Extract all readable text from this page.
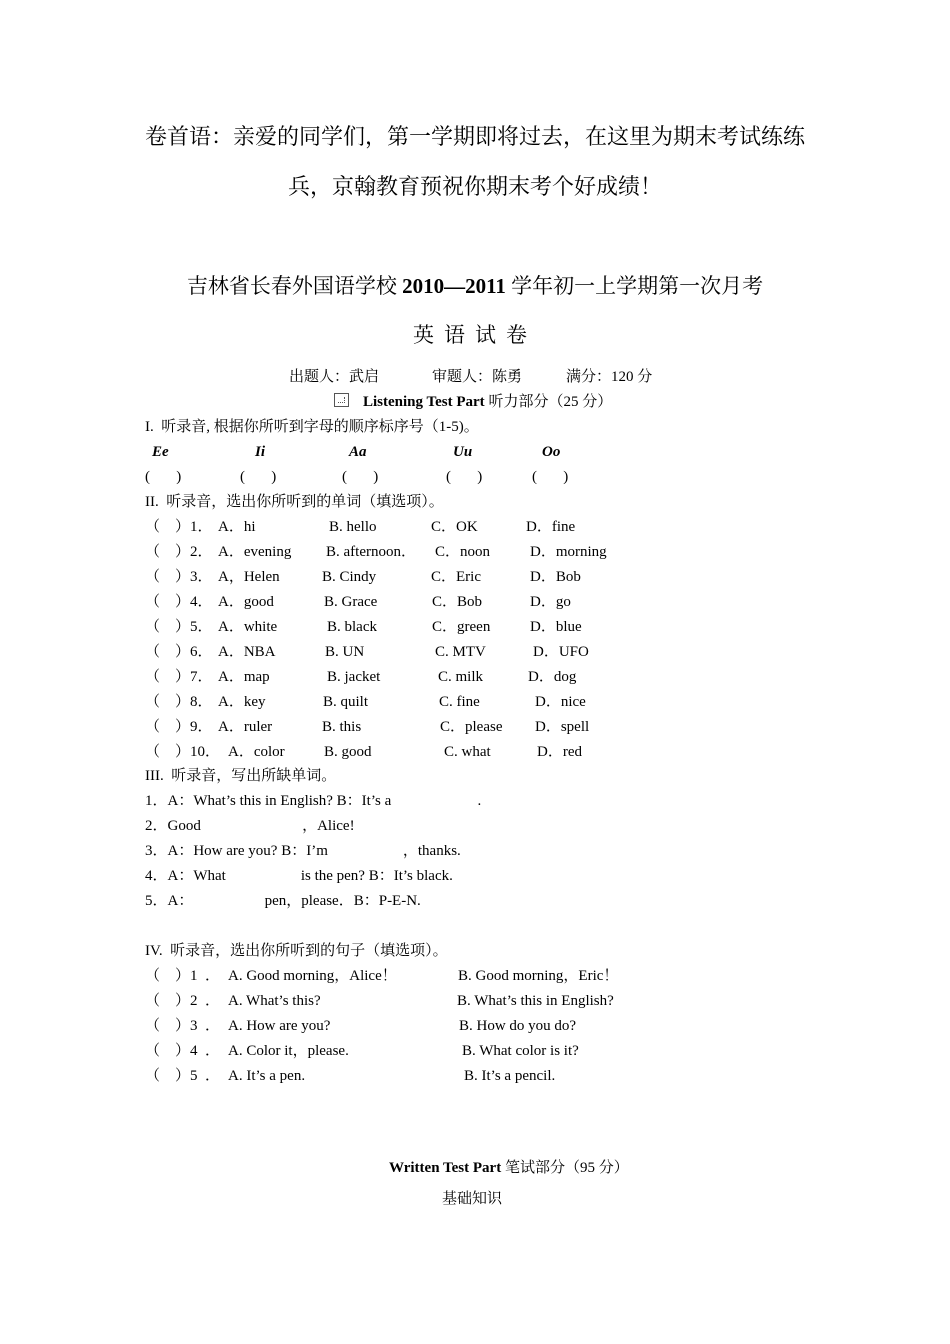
卷首语：亲爱的同学们，第一学期即将过去，在这里为期末考试练练
兵，京翰教育预祝你期末考个好成绩！
吉林省长春外国语学校 2010—2011 学年初一上学期第一次月考
英语试卷
出题人：武启	审题人：陈勇	满分：120 分
Listening Test Part 听力部分（25 分）
I.  听录音, 根据你所听到字母的顺序标序号（1-5)。
Ee	Ii	Aa	Uu	Oo
(       )	(       )	(       )	(       )	(       )
II.  听录音，选出你所听到的单词（填选项）。
（    ）1． A．hi	B. hello	C．OK	D．fine
（    ）2． A．evening B. afternoon． C．noon	D．morning
（    ）3． A，Helen	B. Cindy	C．Eric	D．Bob
（    ）4． A．good	B. Grace	C．Bob	D．go
（    ）5． A．white	B. black	C．green	D．blue
（    ）6． A．NBA	B. UN	C. MTV	D．UFO
（    ）7． A．map	B. jacket	C. milk	D．dog
（    ）8． A．key	B. quilt	C. fine	D．nice
（    ）9． A．ruler	B. this	C．please D．spell
（    ）10． A．color	B. good	C. what	D．red
III.  听录音，写出所缺单词。
1．A：What’s this in English? B：It’s a                       .
2．Good                           ，Alice!
3．A：How are you? B：I’m                    ，thanks.
4．A：What                    is the pen? B：It’s black.
5．A：                   pen，please．B：P-E-N.
IV.  听录音，选出你所听到的句子（填选项）。
（    ）1  ． A. Good morning，Alice！	B. Good morning，Eric！
（    ）2  ． A. What’s this?	B. What’s this in English?
（    ）3  ． A. How are you?	B. How do you do?
（    ）4  ． A. Color it，please.	B. What color is it?
（    ）5  ． A. It’s a pen.	B. It’s a pencil.
Written Test Part 笔试部分（95 分）
基础知识
